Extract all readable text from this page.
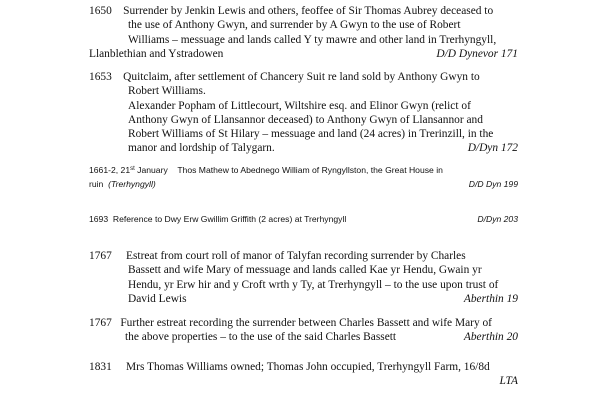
1650 Surrender by Jenkin Lewis and others, feoffee of Sir Thomas Aubrey deceased to
the use of Anthony Gwyn, and surrender by A Gwyn to the use of Robert
Williams – messuage and lands called Y ty mawre and other land in Trerhyngyll,
Llanblethian and Ystradowen	D/D Dynevor 171
1653 Quitclaim, after settlement of Chancery Suit re land sold by Anthony Gwyn to
Robert Williams.
Alexander Popham of Littlecourt, Wiltshire esq. and Elinor Gwyn (relict of
Anthony Gwyn of Llansannor deceased) to Anthony Gwyn of Llansannor and
Robert Williams of St Hilary – messuage and land (24 acres) in Trerinzill, in the
manor and lordship of Talygarn.	D/Dyn 172
1661-2, 21st January Thos Mathew to Abednego William of Ryngyllston, the Great House in
ruin (Trerhyngyll)	D/D Dyn 199
1693 Reference to Dwy Erw Gwillim Griffith (2 acres) at Trerhyngyll	D/Dyn 203
1767 Estreat from court roll of manor of Talyfan recording surrender by Charles
Bassett and wife Mary of messuage and lands called Kae yr Hendu, Gwain yr
Hendu, yr Erw hir and y Croft wrth y Ty, at Trerhyngyll – to the use upon trust of
David Lewis	Aberthin 19
1767 Further estreat recording the surrender between Charles Bassett and wife Mary of
the above properties – to the use of the said Charles Bassett	Aberthin 20
1831 Mrs Thomas Williams owned; Thomas John occupied, Trerhyngyll Farm, 16/8d

LTA
